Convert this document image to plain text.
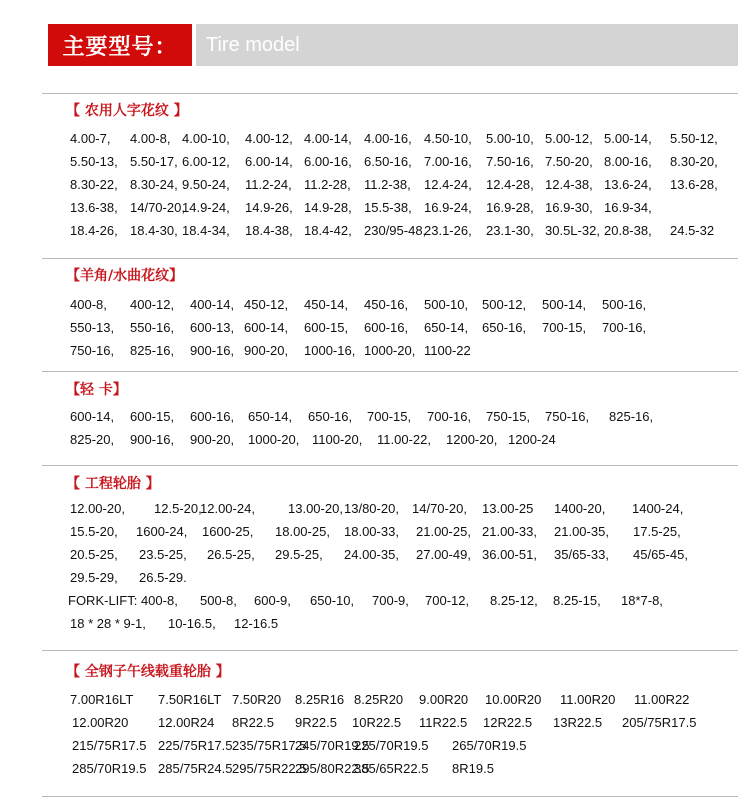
主要型号：	Tire model
【 农用人字花纹 】
4.00-7, 4.00-8, 4.00-10, 4.00-12, 4.00-14, 4.00-16, 4.50-10, 5.00-10, 5.00-12, 5.00-14, 5.50-12,
5.50-13, 5.50-17, 6.00-12, 6.00-14, 6.00-16, 6.50-16, 7.00-16, 7.50-16, 7.50-20, 8.00-16, 8.30-20,
8.30-22, 8.30-24, 9.50-24, 11.2-24, 11.2-28, 11.2-38, 12.4-24, 12.4-28, 12.4-38, 13.6-24, 13.6-28,
13.6-38, 14/70-20,
14.9-24, 14.9-26, 14.9-28, 15.5-38, 16.9-24, 16.9-28, 16.9-30, 16.9-34,
18.4-26, 18.4-30, 18.4-34, 18.4-38, 18.4-42, 230/95-48,
23.1-26, 23.1-30, 30.5L-32, 20.8-38, 24.5-32
【羊角/水曲花纹】
400-8, 400-12, 400-14, 450-12, 450-14, 450-16, 500-10, 500-12, 500-14, 500-16,
550-13, 550-16, 600-13, 600-14, 600-15, 600-16, 650-14, 650-16, 700-15, 700-16,
750-16, 825-16, 900-16, 900-20, 1000-16, 1000-20, 1100-22
【轻 卡】
600-14, 600-15, 600-16, 650-14, 650-16, 700-15, 700-16, 750-15, 750-16, 825-16,
825-20, 900-16, 900-20, 1000-20, 1100-20, 11.00-22, 1200-20, 1200-24
【 工程轮胎 】
12.00-20, 12.5-20,
12.00-24,	13.00-20, 13/80-20, 14/70-20, 13.00-25 1400-20, 1400-24,
15.5-20, 1600-24, 1600-25, 18.00-25, 18.00-33, 21.00-25, 21.00-33, 21.00-35, 17.5-25,
20.5-25, 23.5-25, 26.5-25, 29.5-25, 24.00-35, 27.00-49, 36.00-51, 35/65-33, 45/65-45,
29.5-29, 26.5-29.
FORK-LIFT: 400-8, 500-8, 600-9, 650-10, 700-9, 700-12, 8.25-12, 8.25-15, 18*7-8,
18 * 28 * 9-1, 10-16.5, 12-16.5
【 全钢子午线载重轮胎 】
7.00R16LT 7.50R16LT 7.50R20 8.25R16 8.25R20 9.00R20 10.00R20 11.00R20 11.00R22
12.00R20 12.00R24 8R22.5 9R22.5 10R22.5 11R22.5 12R22.5 13R22.5 205/75R17.5
215/75R17.5 225/75R17.5 235/75R17.5
245/70R19.5
225/70R19.5 265/70R19.5
285/70R19.5 285/75R24.5 295/75R22.5
295/80R22.5
385/65R22.5 8R19.5
